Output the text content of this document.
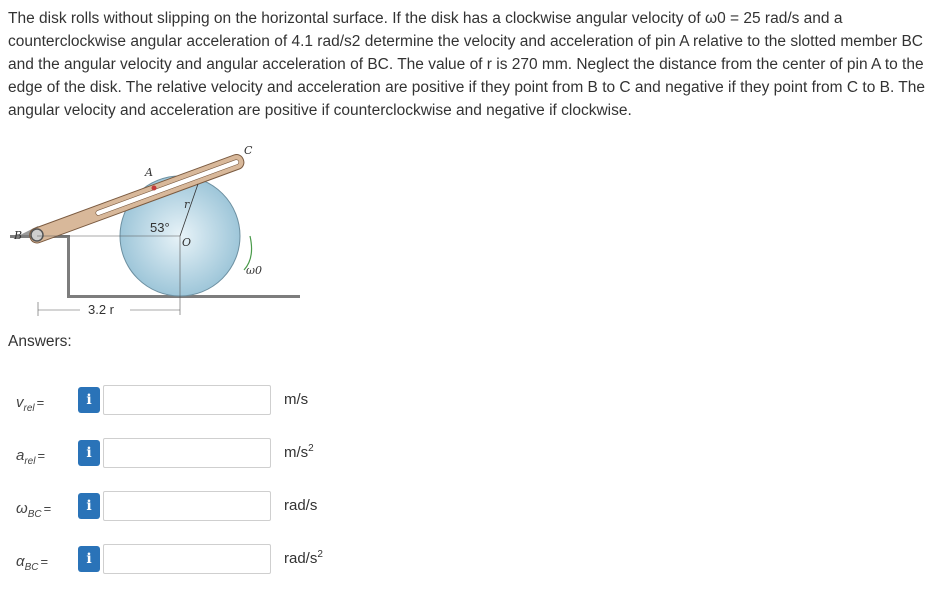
The disk rolls without slipping on the horizontal surface. If the disk has a clockwise angular velocity of ω0 = 25 rad/s and a counterclockwise angular acceleration of 4.1 rad/s2 determine the velocity and acceleration of pin A relative to the slotted member BC and the angular velocity and angular acceleration of BC. The value of r is 270 mm. Neglect the distance from the center of pin A to the edge of the disk. The relative velocity and acceleration are positive if they point from B to C and negative if they point from C to B. The angular velocity and acceleration are positive if counterclockwise and negative if clockwise.
A
B
C
O
r
53°
ω0
3.2 r
Answers:
$v_{rel}$ =	i	m/s
$a_{rel}$ =	i	$m/s^2$
$\omega_{BC}$ =	i	rad/s
$\alpha_{BC}$ =	i	rad/$s^2$
